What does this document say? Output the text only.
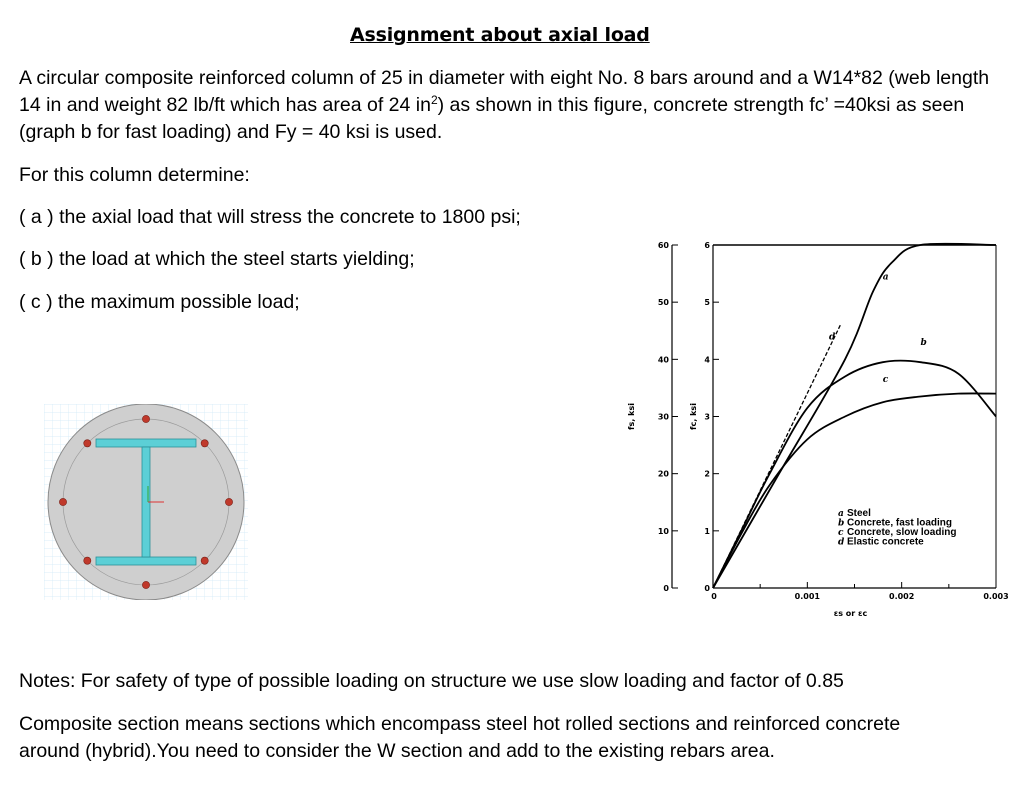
Assignment about axial load
A circular composite reinforced column of 25 in diameter with eight No. 8 bars around and a W14*82 (web length 14 in and weight 82 lb/ft which has area of 24 $in^2$) as shown in this figure, concrete strength fc’ =40ksi as seen (graph b for fast loading) and Fy = 40 ksi is used.
For this column determine:
( a ) the axial load that will stress the concrete to 1800 psi;
( b ) the load at which the steel starts yielding;
( c ) the maximum possible load;
0
10
20
30
40
50
60
fs, ksi
0
1
2
3
4
5
6
fc, ksi
0	0.001	0.002	0.003
εs or εc
a
b
c
d
a Steel
b Concrete, fast loading
c Concrete, slow loading
d Elastic concrete
Notes: For safety of type of possible loading on structure we use slow loading and factor of 0.85
Composite section means sections which encompass steel hot rolled sections and reinforced concrete around (hybrid).You need to consider the W section and add to the existing rebars area.
